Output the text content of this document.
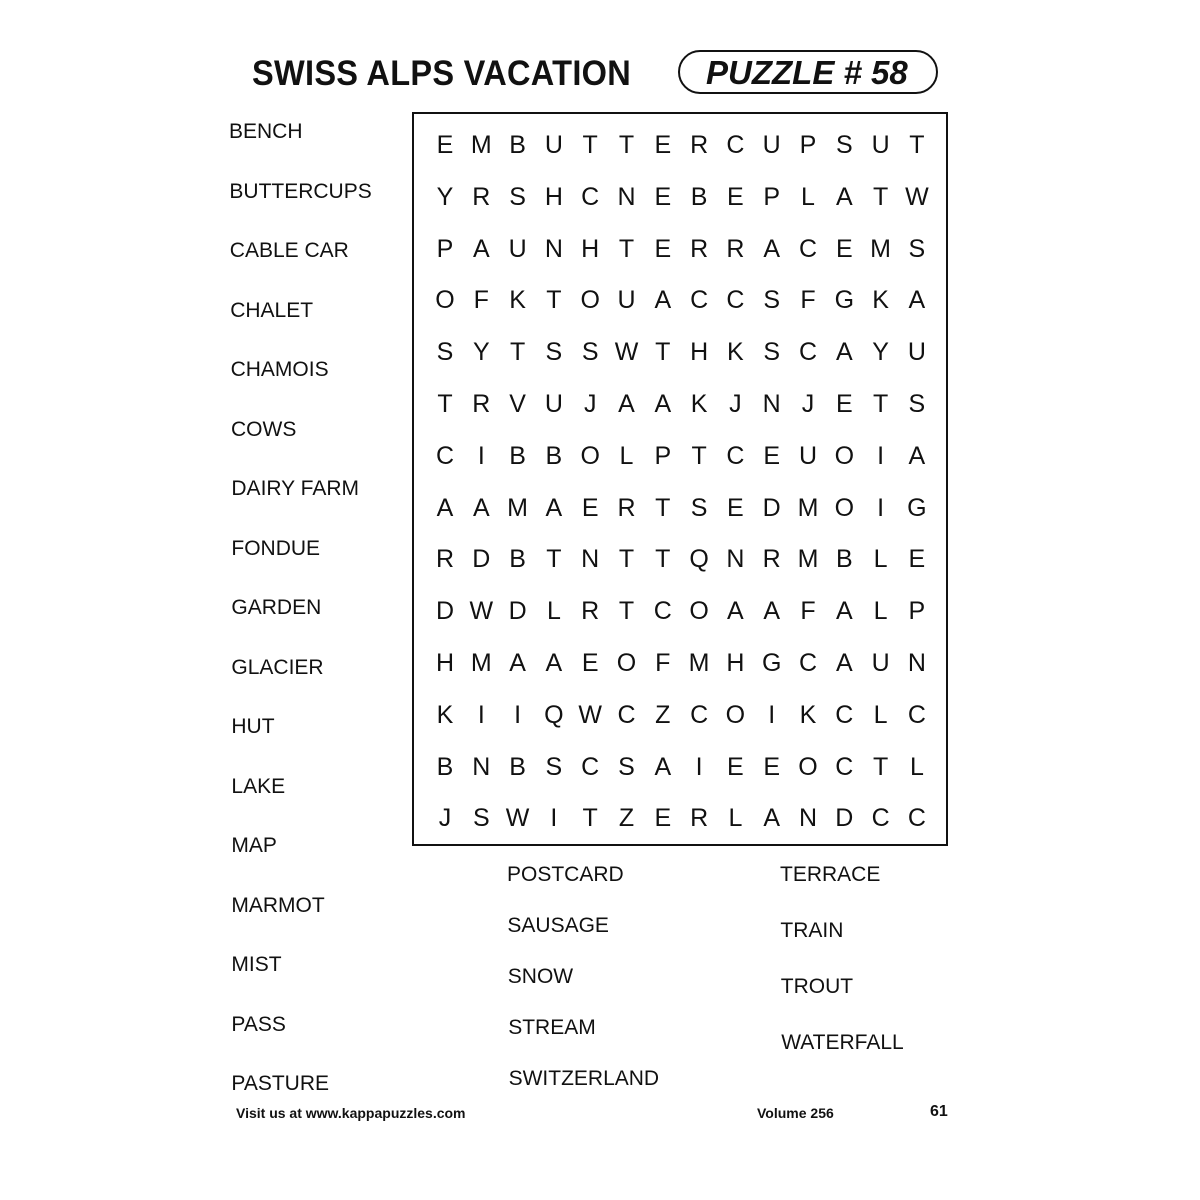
SWISS ALPS VACATION PUZZLE # 58
E M B U T T E R C U P S U T
Y R S H C N E B E P L A T W
P A U N H T E R R A C E M S
O F K T O U A C C S F G K A
S Y T S S W T H K S C A Y U
T R V U J A A K J N J E T S
C I B B O L P T C E U O I A
A A M A E R T S E D M O I G
R D B T N T T Q N R M B L E
D W D L R T C O A A F A L P
H M A A E O F M H G C A U N
K I	I Q W C Z C O I K C L C
B N B S C S A I E E O C T L
J S W I	T Z E R L A N D C C
BENCH
BUTTERCUPS
CABLE CAR
CHALET
CHAMOIS
COWS
DAIRY FARM
FONDUE
GARDEN
GLACIER
HUT
LAKE
MAP
MARMOT
MIST
PASS
PASTURE
POSTCARD
SAUSAGE
SNOW
STREAM
SWITZERLAND
TERRACE
TRAIN
TROUT
WATERFALL
Visit us at www.kappapuzzles.com	Volume 256	61
